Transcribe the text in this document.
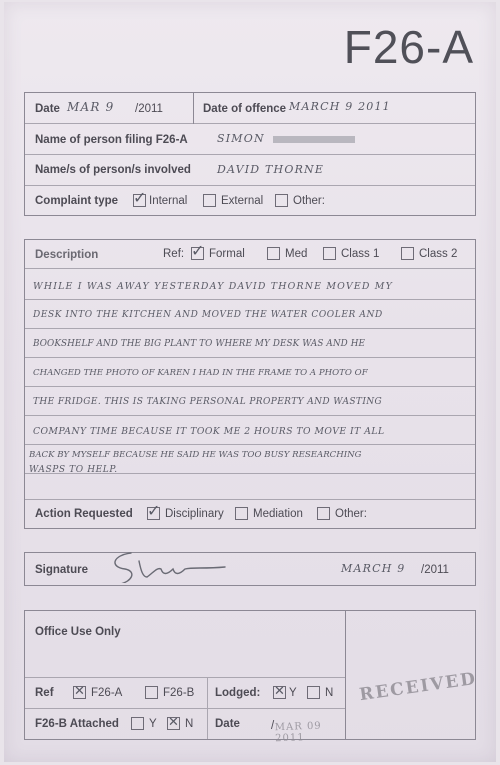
F26-A
Date MAR 9 /2011	Date of offence MARCH 9 2011
Name of person filing F26-A	SIMON
Name/s of person/s involved DAVID THORNE
Complaint type ✓ Internal	External	Other:
Description	Ref: ✓ Formal	Med	Class 1	Class 2
WHILE I WAS AWAY YESTERDAY DAVID THORNE MOVED MY
DESK INTO THE KITCHEN AND MOVED THE WATER COOLER AND
BOOKSHELF AND THE BIG PLANT TO WHERE MY DESK WAS AND HE
CHANGED THE PHOTO OF KAREN I HAD IN THE FRAME TO A PHOTO OF
THE FRIDGE. THIS IS TAKING PERSONAL PROPERTY AND WASTING
COMPANY TIME BECAUSE IT TOOK ME 2 HOURS TO MOVE IT ALL
BACK BY MYSELF BECAUSE HE SAID HE WAS TOO BUSY RESEARCHING
WASPS TO HELP.
Action Requested ✓ Disciplinary	Mediation	Other:
Signature	MARCH 9 /2011
Office Use Only
Ref ✕ F26-A	F26-B Lodged: ✕ Y N
F26-B Attached	Y ✕ N Date	/ MAR 09 2011
RECEIVED
